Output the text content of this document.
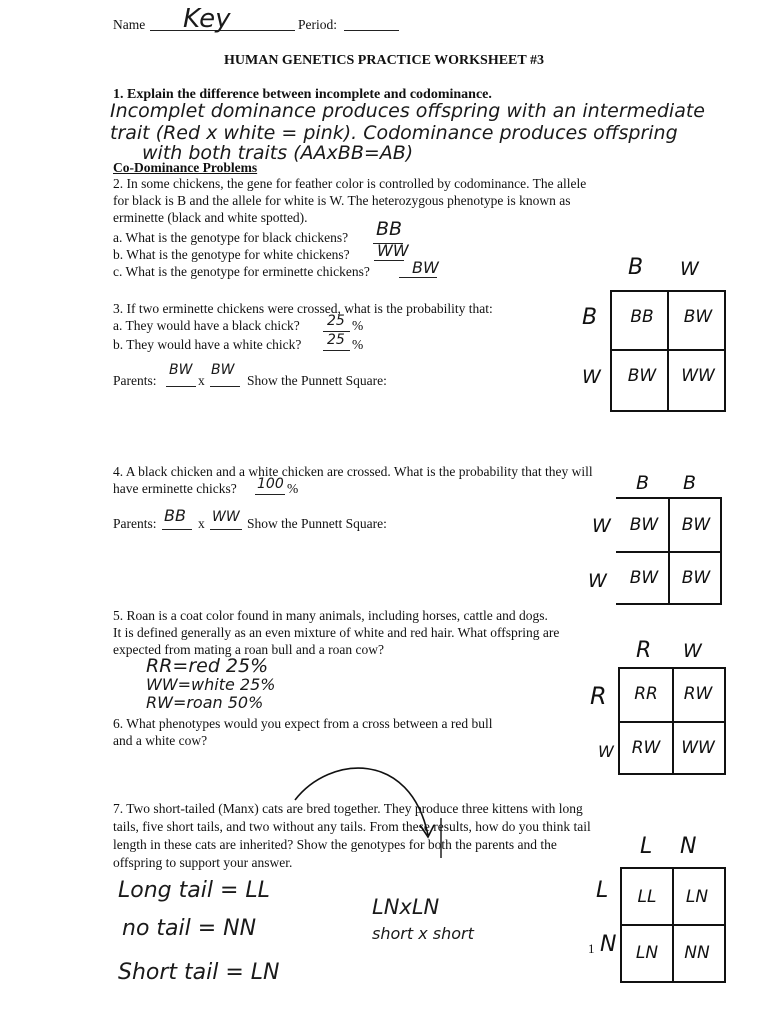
Name Key	Period:
HUMAN GENETICS PRACTICE WORKSHEET #3
1. Explain the difference between incomplete and codominance.
Incomplet dominance produces offspring with an intermediate
trait (Red x white = pink). Codominance produces offspring
with both traits (AAxBB=AB)
Co-Dominance Problems
2. In some chickens, the gene for feather color is controlled by codominance. The allele
for black is B and the allele for white is W. The heterozygous phenotype is known as
erminette (black and white spotted).
a. What is the genotype for black chickens? BB
b. What is the genotype for white chickens? WW
c. What is the genotype for erminette chickens?	BW
3. If two erminette chickens were crossed, what is the probability that:
a. They would have a black chick? 25 %
b. They would have a white chick? 25 %
Parents:
BW
x
BW
Show the Punnett Square:
B W
B
W
BB	BW
BW	WW
4. A black chicken and a white chicken are crossed. What is the probability that they will
have erminette chicks? 100 %
Parents: BB x WW Show the Punnett Square:
B B
W
W
BW	BW
BW	BW
5. Roan is a coat color found in many animals, including horses, cattle and dogs.
It is defined generally as an even mixture of white and red hair. What offspring are
expected from mating a roan bull and a roan cow?
RR=red 25%
WW=white 25%
RW=roan 50%
R W
R
W
RR	RW
RW	WW
6. What phenotypes would you expect from a cross between a red bull
and a white cow?
7. Two short-tailed (Manx) cats are bred together. They produce three kittens with long
tails, five short tails, and two without any tails. From these results, how do you think tail
length in these cats are inherited? Show the genotypes for both the parents and the
offspring to support your answer.
Long tail = LL
no tail = NN
Short tail = LN
LNxLN
short x short
L N
L
1 N
LL	LN
LN	NN
